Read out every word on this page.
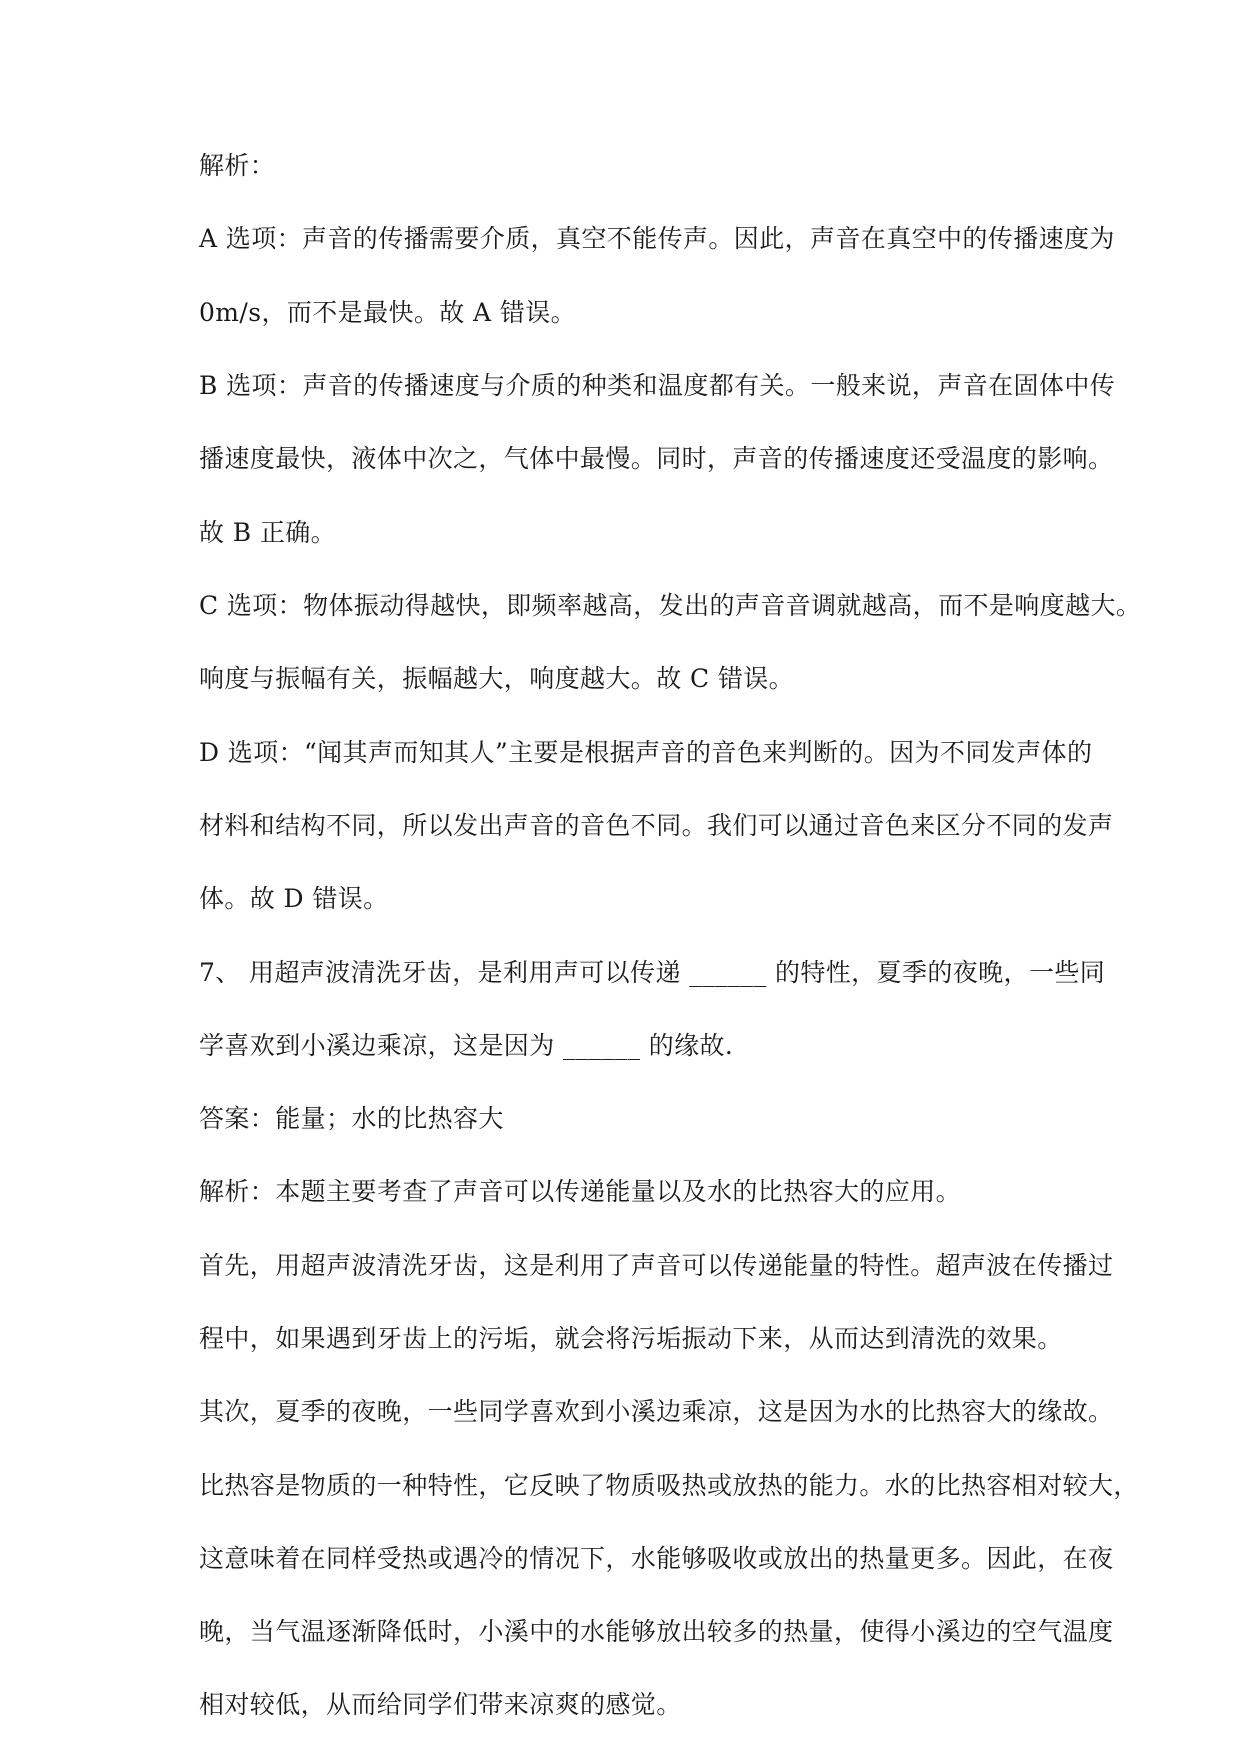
解析：
A 选项：声音的传播需要介质，真空不能传声。因此，声音在真空中的传播速度为
0m/s，而不是最快。故 A 错误。
B 选项：声音的传播速度与介质的种类和温度都有关。一般来说，声音在固体中传
播速度最快，液体中次之，气体中最慢。同时，声音的传播速度还受温度的影响。
故 B 正确。
C 选项：物体振动得越快，即频率越高，发出的声音音调就越高，而不是响度越大。
响度与振幅有关，振幅越大，响度越大。故 C 错误。
D 选项：“闻其声而知其人”主要是根据声音的音色来判断的。因为不同发声体的
材料和结构不同，所以发出声音的音色不同。我们可以通过音色来区分不同的发声
体。故 D 错误。
7、 用超声波清洗牙齿，是利用声可以传递 ______ 的特性，夏季的夜晚，一些同
学喜欢到小溪边乘凉，这是因为 ______ 的缘故.
答案：能量；水的比热容大
解析：本题主要考查了声音可以传递能量以及水的比热容大的应用。
首先，用超声波清洗牙齿，这是利用了声音可以传递能量的特性。超声波在传播过
程中，如果遇到牙齿上的污垢，就会将污垢振动下来，从而达到清洗的效果。
其次，夏季的夜晚，一些同学喜欢到小溪边乘凉，这是因为水的比热容大的缘故。
比热容是物质的一种特性，它反映了物质吸热或放热的能力。水的比热容相对较大，
这意味着在同样受热或遇冷的情况下，水能够吸收或放出的热量更多。因此，在夜
晚，当气温逐渐降低时，小溪中的水能够放出较多的热量，使得小溪边的空气温度
相对较低，从而给同学们带来凉爽的感觉。
